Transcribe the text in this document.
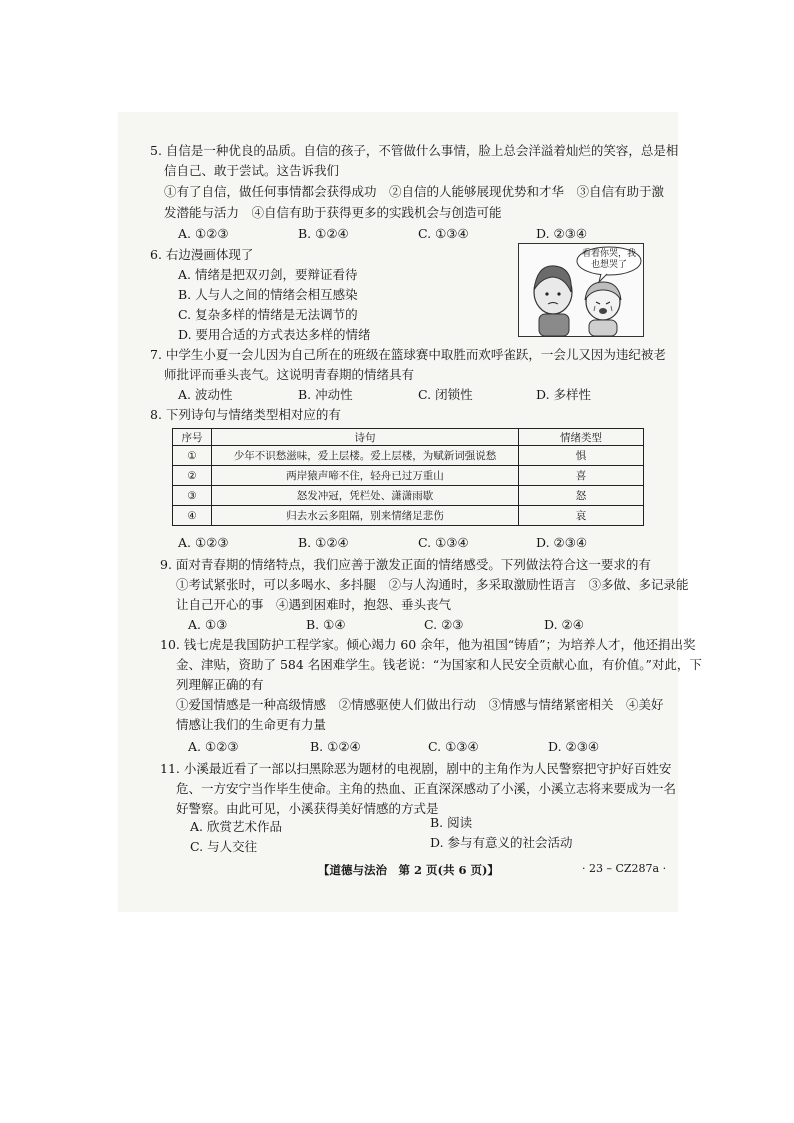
5. 自信是一种优良的品质。自信的孩子，不管做什么事情，脸上总会洋溢着灿烂的笑容，总是相
信自己、敢于尝试。这告诉我们
①有了自信，做任何事情都会获得成功　②自信的人能够展现优势和才华　③自信有助于激
发潜能与活力　④自信有助于获得更多的实践机会与创造可能
A. ①②③	B. ①②④	C. ①③④	D. ②③④
6. 右边漫画体现了
A. 情绪是把双刃剑，要辩证看待
B. 人与人之间的情绪会相互感染
C. 复杂多样的情绪是无法调节的
D. 要用合适的方式表达多样的情绪
看着你哭，我
也想哭了
7. 中学生小夏一会儿因为自己所在的班级在篮球赛中取胜而欢呼雀跃，一会儿又因为违纪被老
师批评而垂头丧气。这说明青春期的情绪具有
A. 波动性	B. 冲动性	C. 闭锁性	D. 多样性
8. 下列诗句与情绪类型相对应的有
序号	诗句	情绪类型
①	少年不识愁滋味，爱上层楼。爱上层楼，为赋新词强说愁	惧
②	两岸猿声啼不住，轻舟已过万重山	喜
③	怒发冲冠，凭栏处、潇潇雨歇	怒
④	归去水云多阻隔，别来情绪足悲伤	哀
A. ①②③	B. ①②④	C. ①③④	D. ②③④
9. 面对青春期的情绪特点，我们应善于激发正面的情绪感受。下列做法符合这一要求的有
①考试紧张时，可以多喝水、多抖腿　②与人沟通时，多采取激励性语言　③多做、多记录能
让自己开心的事　④遇到困难时，抱怨、垂头丧气
A. ①③	B. ①④	C. ②③	D. ②④
10. 钱七虎是我国防护工程学家。倾心竭力 60 余年，他为祖国“铸盾”；为培养人才，他还捐出奖
金、津贴，资助了 584 名困难学生。钱老说：“为国家和人民安全贡献心血，有价值。”对此，下
列理解正确的有
①爱国情感是一种高级情感　②情感驱使人们做出行动　③情感与情绪紧密相关　④美好
情感让我们的生命更有力量
A. ①②③	B. ①②④	C. ①③④	D. ②③④
11. 小溪最近看了一部以扫黑除恶为题材的电视剧，剧中的主角作为人民警察把守护好百姓安
危、一方安宁当作毕生使命。主角的热血、正直深深感动了小溪，小溪立志将来要成为一名
好警察。由此可见，小溪获得美好情感的方式是
A. 欣赏艺术作品	B. 阅读
C. 与人交往	D. 参与有意义的社会活动
【道德与法治　第 2 页(共 6 页)】	· 23 – CZ287a ·
